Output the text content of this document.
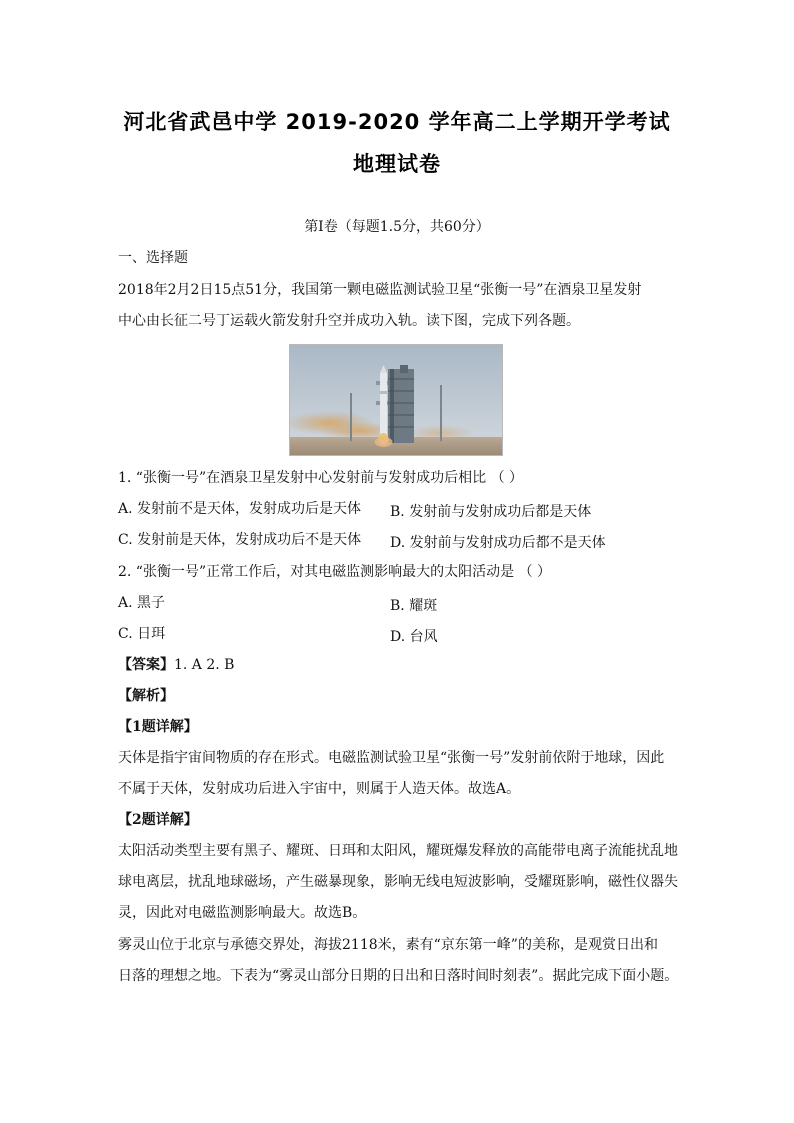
河北省武邑中学 2019-2020 学年高二上学期开学考试
地理试卷
第Ⅰ卷（每题1.5分，共60分）
一、选择题
2018年2月2日15点51分，我国第一颗电磁监测试验卫星“张衡一号”在酒泉卫星发射
中心由长征二号丁运载火箭发射升空并成功入轨。读下图，完成下列各题。
1. “张衡一号”在酒泉卫星发射中心发射前与发射成功后相比 （ ）
A. 发射前不是天体，发射成功后是天体	B. 发射前与发射成功后都是天体
C. 发射前是天体，发射成功后不是天体	D. 发射前与发射成功后都不是天体
2. “张衡一号”正常工作后，对其电磁监测影响最大的太阳活动是 （ ）
A. 黑子	B. 耀斑
C. 日珥	D. 台风
【答案】1. A 2. B
【解析】
【1题详解】
天体是指宇宙间物质的存在形式。电磁监测试验卫星“张衡一号”发射前依附于地球，因此
不属于天体，发射成功后进入宇宙中，则属于人造天体。故选A。
【2题详解】
太阳活动类型主要有黑子、耀斑、日珥和太阳风，耀斑爆发释放的高能带电离子流能扰乱地
球电离层，扰乱地球磁场，产生磁暴现象，影响无线电短波影响，受耀斑影响，磁性仪器失
灵，因此对电磁监测影响最大。故选B。
雾灵山位于北京与承德交界处，海拔2118米，素有“京东第一峰”的美称，是观赏日出和
日落的理想之地。下表为“雾灵山部分日期的日出和日落时间时刻表”。据此完成下面小题。
